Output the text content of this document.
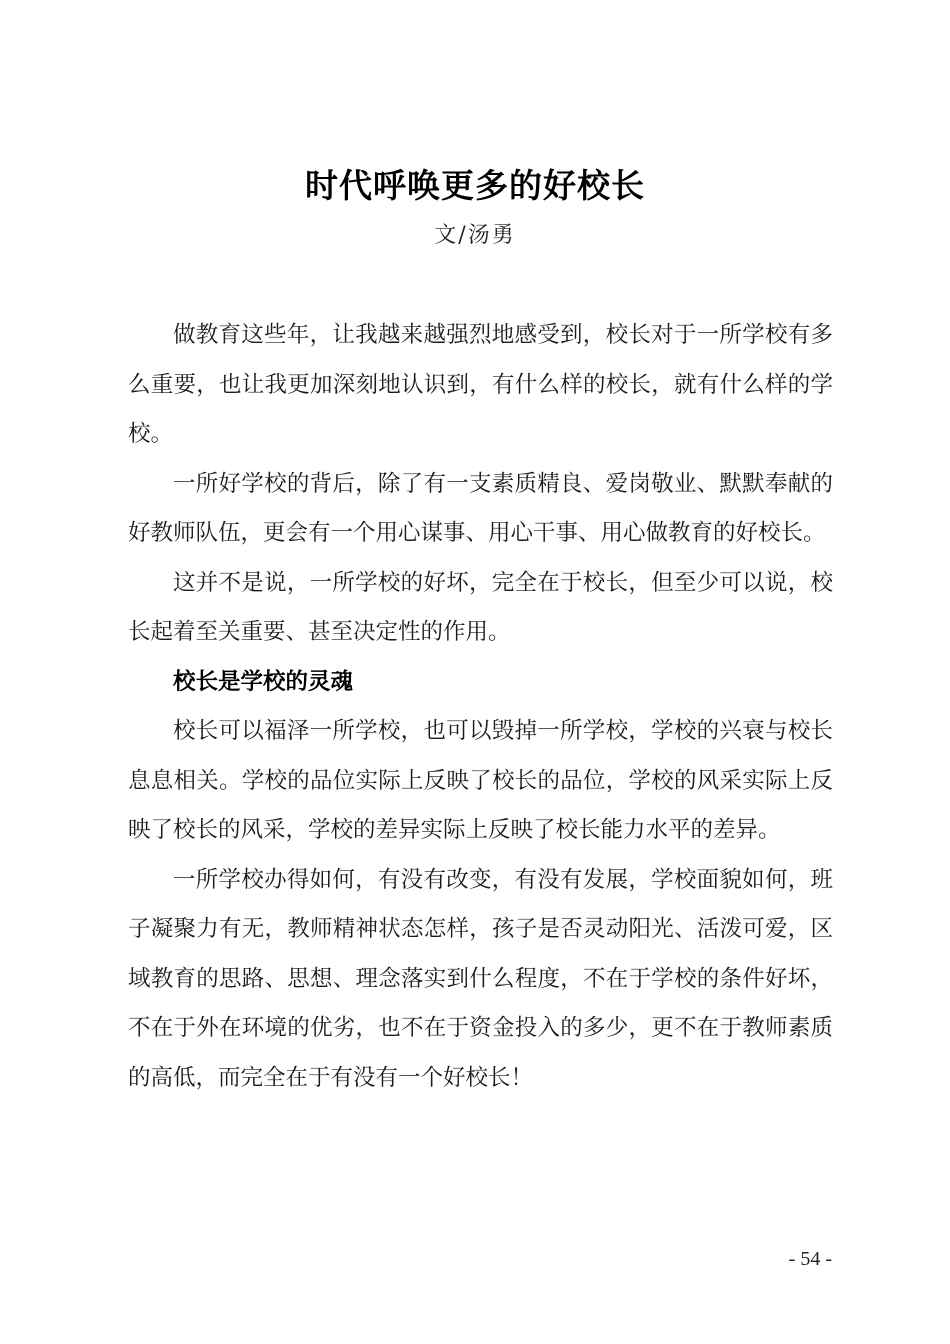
时代呼唤更多的好校长
文/汤勇

做教育这些年，让我越来越强烈地感受到，校长对于一所学校有多么重要，也让我更加深刻地认识到，有什么样的校长，就有什么样的学校。

一所好学校的背后，除了有一支素质精良、爱岗敬业、默默奉献的好教师队伍，更会有一个用心谋事、用心干事、用心做教育的好校长。

这并不是说，一所学校的好坏，完全在于校长，但至少可以说，校长起着至关重要、甚至决定性的作用。

校长是学校的灵魂

校长可以福泽一所学校，也可以毁掉一所学校，学校的兴衰与校长息息相关。学校的品位实际上反映了校长的品位，学校的风采实际上反映了校长的风采，学校的差异实际上反映了校长能力水平的差异。

一所学校办得如何，有没有改变，有没有发展，学校面貌如何，班子凝聚力有无，教师精神状态怎样，孩子是否灵动阳光、活泼可爱，区域教育的思路、思想、理念落实到什么程度，不在于学校的条件好坏，不在于外在环境的优劣，也不在于资金投入的多少，更不在于教师素质的高低，而完全在于有没有一个好校长！

- 54 -
